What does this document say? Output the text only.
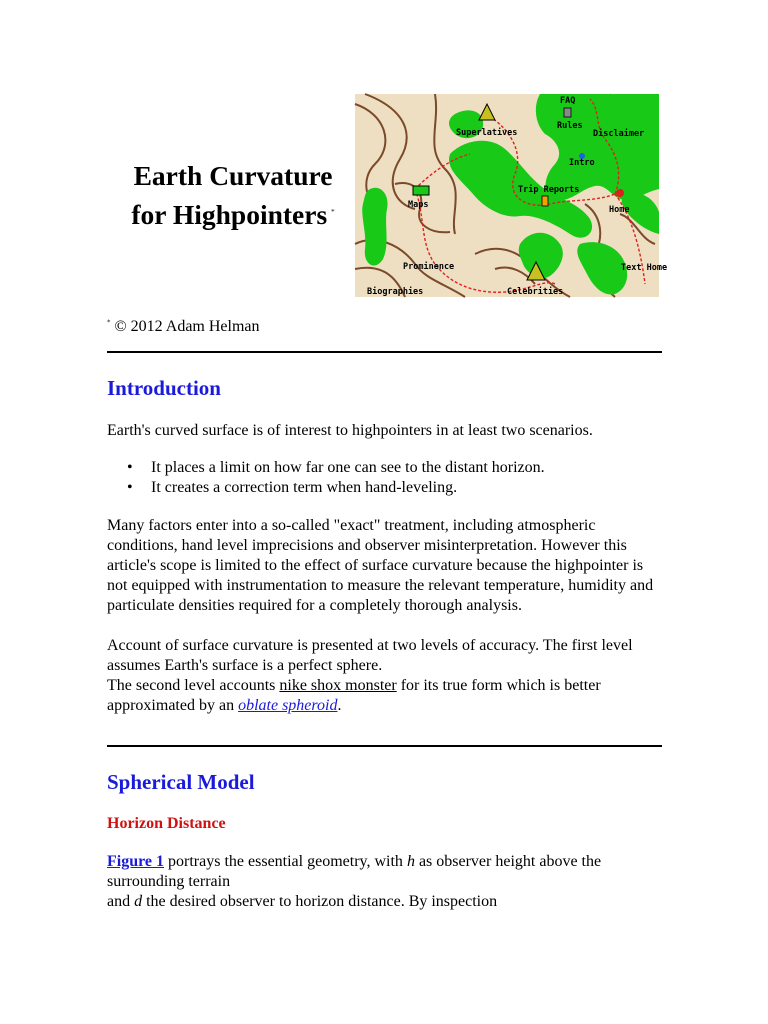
Earth Curvature
for Highpointers *
FAQ
Rules
Disclaimer
Superlatives
Intro
Maps
Trip Reports
Home
Prominence	Text Home
Biographies	Celebrities
* © 2012 Adam Helman
Introduction

Earth's curved surface is of interest to highpointers in at least two scenarios.

• It places a limit on how far one can see to the distant horizon.
• It creates a correction term when hand-leveling.

Many factors enter into a so-called "exact" treatment, including atmospheric conditions, hand level imprecisions and observer misinterpretation. However this article's scope is limited to the effect of surface curvature because the highpointer is not equipped with instrumentation to measure the relevant temperature, humidity and particulate densities required for a completely thorough analysis.

Account of surface curvature is presented at two levels of accuracy. The first level assumes Earth's surface is a perfect sphere.
The second level accounts nike shox monster for its true form which is better approximated by an oblate spheroid.

Spherical Model
Horizon Distance

Figure 1 portrays the essential geometry, with h as observer height above the surrounding terrain
and d the desired observer to horizon distance. By inspection
